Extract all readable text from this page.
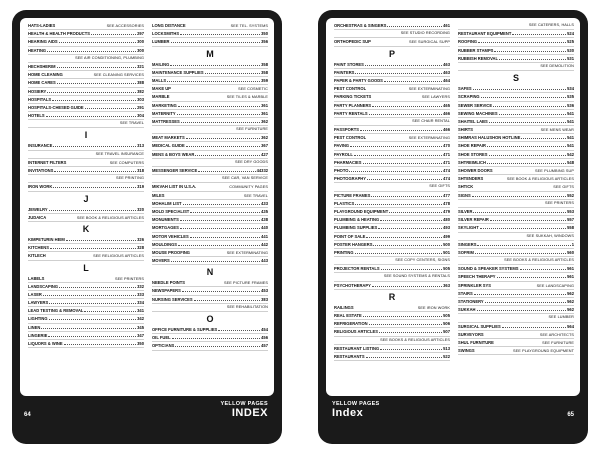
HATS-LADIES	SEE ACCESSORIES
HEALTH & HEALTH PRODUCTS	297
HEARING AIDS	300
HEATING	300
SEE AIR CONDITIONING, PLUMBING
HECHSHERIM	321
HOME CLEANING	SEE CLEANING SERVICES
HOME CARES	388
HOSIERY	382
HOSPITALS	303
HOSPITALS-CHESED GUIDE	291
HOTELS	304
SEE TRAVEL
I
INSURANCE	313
SEE TRAVEL INSURANCE
INTERNET FILTERS	SEE COMPUTERS
INVITATIONS	318
SEE PRINTING
IRON WORK	319
J
JEWELRY	320
JUDAICA	SEE BOOK & RELIGIOUS ARTICLES
K
KIMPETURIN HEIM	326
KITCHENS	328
KITLECH	SEE RELIGIOUS ARTICLES
L
LABELS	SEE PRINTERS
LANDSCAPING	332
LASER	333
LAWYERS	334
LEAD TESTING & REMOVAL	341
LIGHTING	342
LINEN	345
LINGERIE	347
LIQUORS & WINE	350
LONG DISTANCE	SEE TEL. SYSTEMS
LOCKSMITHS	350
LUMBER	356
M
MAILING	358
MAINTENANCE SUPPLIES	358
MALLS	359
MAKE UP	SEE COSMETIC
MARBLE	SEE TILES & MARBLE
MARKETING	361
MATERNITY	361
MATTRESSES	362
SEE FURNITURE
MEAT MARKETS	362
MEDICAL GUIDE	367
MENS & BOYS WEAR	427
SEE DRY GOODS
MESSENGER SERVICE	44332
SEE CAR, VAN SERVICE
MIKVAH LIST IN U.S.A.	COMMUNITY PAGES
MILES	SEE TRAVEL
MOHALIM LIST	433
MOLD SPECIALIST	435
MONUMENTS	438
MORTGAGES	440
MOTOR VEHICLES	441
MOULDINGS	442
MOUSE PROOFING	SEE EXTERMINATING
MOVERS	443
N
NEEDLE POINTS	SEE PICTURE FRAMES
NEWSPAPERS	453
NURSING SERVICES	383
SEE REHABILITATION
O
OFFICE FURNITURE & SUPPLIES	454
OIL FUEL	456
OPTICIANS	457
64
YELLOW PAGES
INDEX
ORCHESTRAS & SINGERS	461
SEE STUDIO RECORDING
ORTHOPEDIC SUP	SEE SURGICAL SUPP
P
PAINT STORES	463
PAINTERS	463
PAPER & PARTY GOODS	464
PEST CONTROL	SEE EXTERMINATING
PARKING TICKETS	SEE LAWYERS
PARTY PLANNERS	465
PARTY RENTALS	466
SEE CHAIR RENTAL
PASSPORTS	466
PEST CONTROL	SEE EXTERMINATING
PAVING	470
PAYROLL	471
PHARMACIES	471
PHOTO	474
PHOTOGRAPHY	474
SEE GIFTS
PICTURE FRAMES	477
PLASTICS	478
PLAYGROUND EQUIPMENT	479
PLUMBING & HEATING	480
PLUMBING SUPPLIES	493
POINT OF SALE	499
POSTER HANGERS	500
PRINTING	501
SEE COPY CENTERS, SIGNS
PROJECTOR RENTALS	505
SEE SOUND SYSTEMS & RENTALS
PSYCHOTHERAPY	363
R
RAILINGS	SEE IRON WORK
REAL ESTATE	505
REFRIGERATION	506
RELIGIOUS ARTICLES	507
SEE BOOKS & RELIGIOUS ARTICLES
RESTAURANT LISTING	513
RESTAURANTS	522
SEE CATERERS, HALLS
RESTAURANT EQUIPMENT	524
ROOFING	525
RUBBER STAMPS	530
RUBBISH REMOVAL	531
SEE DEMOLITION
S
SAFES	534
SCRAPING	535
SEWER SERVICE	536
SEWING MACHINES	541
SHAITEL LABS	541
SHIRTS	SEE MENS WEAR
SHIMRAS HALUSHON HOTLINE	541
SHOE REPAIR	541
SHOE STORES	542
SHTREIMLICH	548
SHOWER DOORS	SEE PLUMBING SUP
SHTENDERS	SEE BOOK & RELIGIOUS ARTICLES
SHTICK	SEE GIFTS
SIGNS	552
SEE PRINTERS
SILVER	553
SILVER REPAIR	557
SKYLIGHT	558
SEE SUKKAH, WINDOWS
SINGERS	1
SOFRIM	560
SEE BOOKS & RELIGIOUS ARTICLES
SOUND & SPEAKER SYSTEMS	561
SPEECH THERAPY	561
SPRINKLER SYS	SEE LANDSCAPING
STAIRS	562
STATIONERY	562
SUKKAH	562
SEE LUMBER
SURGICAL SUPPLIES	564
SURVEYORS	SEE ARCHITECTS
SHUL FURNITURE	SEE FURNITURE
SWINGS	SEE PLAYGROUND EQUIPMENT
YELLOW PAGES
Index	65
